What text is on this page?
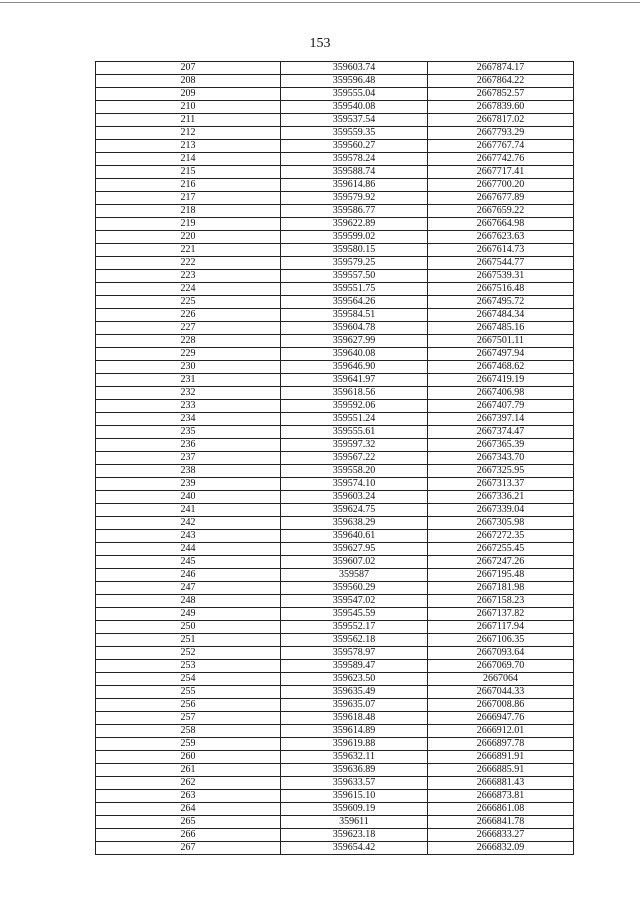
153
207	359603.74	2667874.17
208	359596.48	2667864.22
209	359555.04	2667852.57
210	359540.08	2667839.60
211	359537.54	2667817.02
212	359559.35	2667793.29
213	359560.27	2667767.74
214	359578.24	2667742.76
215	359588.74	2667717.41
216	359614.86	2667700.20
217	359579.92	2667677.89
218	359586.77	2667659.22
219	359622.89	2667664.98
220	359599.02	2667623.63
221	359580.15	2667614.73
222	359579.25	2667544.77
223	359557.50	2667539.31
224	359551.75	2667516.48
225	359564.26	2667495.72
226	359584.51	2667484.34
227	359604.78	2667485.16
228	359627.99	2667501.11
229	359640.08	2667497.94
230	359646.90	2667468.62
231	359641.97	2667419.19
232	359618.56	2667406.98
233	359592.06	2667407.79
234	359551.24	2667397.14
235	359555.61	2667374.47
236	359597.32	2667365.39
237	359567.22	2667343.70
238	359558.20	2667325.95
239	359574.10	2667313.37
240	359603.24	2667336.21
241	359624.75	2667339.04
242	359638.29	2667305.98
243	359640.61	2667272.35
244	359627.95	2667255.45
245	359607.02	2667247.26
246	359587	2667195.48
247	359560.29	2667181.98
248	359547.02	2667158.23
249	359545.59	2667137.82
250	359552.17	2667117.94
251	359562.18	2667106.35
252	359578.97	2667093.64
253	359589.47	2667069.70
254	359623.50	2667064
255	359635.49	2667044.33
256	359635.07	2667008.86
257	359618.48	2666947.76
258	359614.89	2666912.01
259	359619.88	2666897.78
260	359632.11	2666891.91
261	359636.89	2666885.91
262	359633.57	2666881.43
263	359615.10	2666873.81
264	359609.19	2666861.08
265	359611	2666841.78
266	359623.18	2666833.27
267	359654.42	2666832.09
